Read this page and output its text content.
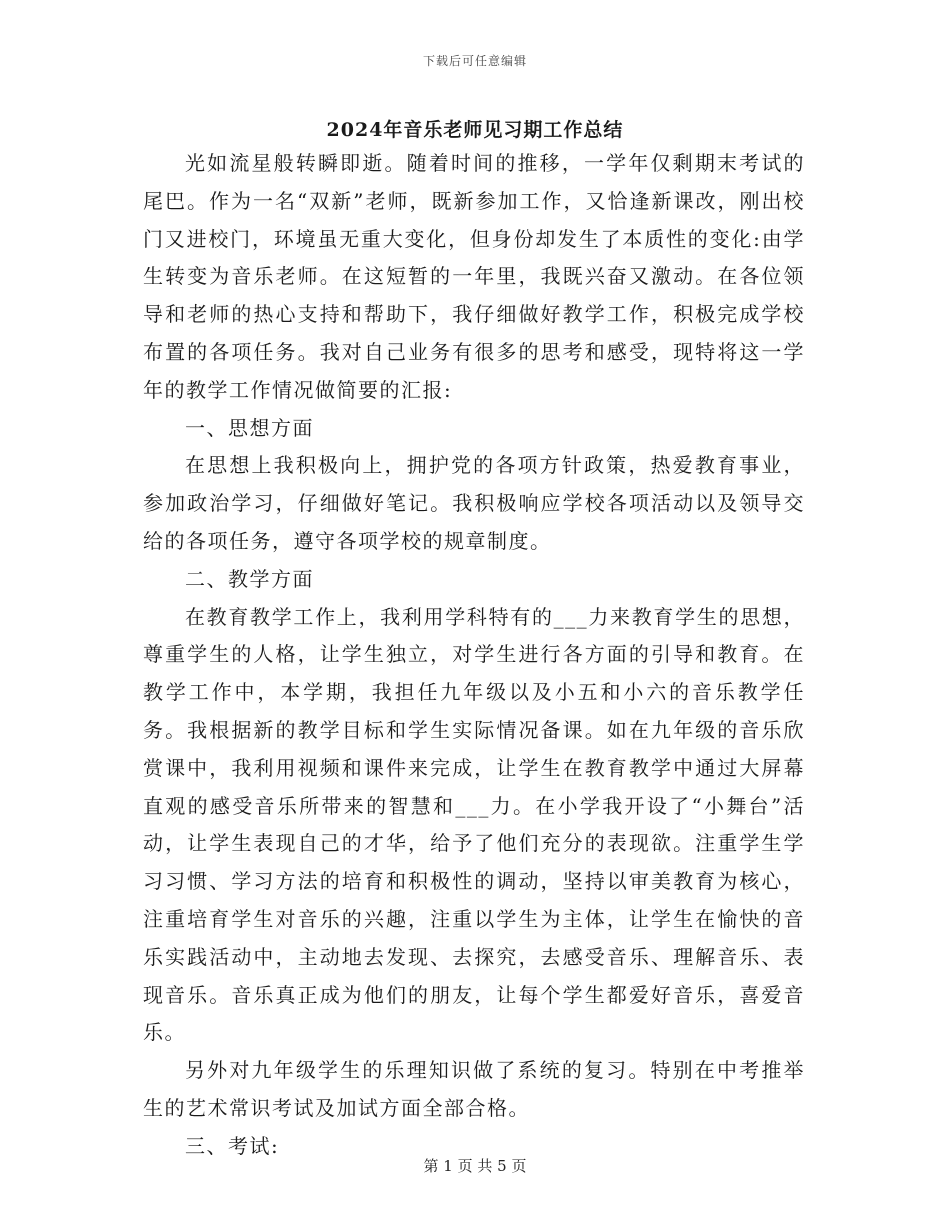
下载后可任意编辑
2024年音乐老师见习期工作总结

光如流星般转瞬即逝。随着时间的推移，一学年仅剩期末考试的尾巴。作为一名“双新”老师，既新参加工作，又恰逢新课改，刚出校门又进校门，环境虽无重大变化，但身份却发生了本质性的变化:由学生转变为音乐老师。在这短暂的一年里，我既兴奋又激动。在各位领导和老师的热心支持和帮助下，我仔细做好教学工作，积极完成学校布置的各项任务。我对自己业务有很多的思考和感受，现特将这一学年的教学工作情况做简要的汇报:

一、思想方面

在思想上我积极向上，拥护党的各项方针政策，热爱教育事业，参加政治学习，仔细做好笔记。我积极响应学校各项活动以及领导交给的各项任务，遵守各项学校的规章制度。

二、教学方面

在教育教学工作上，我利用学科特有的___力来教育学生的思想，尊重学生的人格，让学生独立，对学生进行各方面的引导和教育。在教学工作中，本学期，我担任九年级以及小五和小六的音乐教学任务。我根据新的教学目标和学生实际情况备课。如在九年级的音乐欣赏课中，我利用视频和课件来完成，让学生在教育教学中通过大屏幕直观的感受音乐所带来的智慧和___力。在小学我开设了“小舞台”活动，让学生表现自己的才华，给予了他们充分的表现欲。注重学生学习习惯、学习方法的培育和积极性的调动，坚持以审美教育为核心，注重培育学生对音乐的兴趣，注重以学生为主体，让学生在愉快的音乐实践活动中，主动地去发现、去探究，去感受音乐、理解音乐、表现音乐。音乐真正成为他们的朋友，让每个学生都爱好音乐，喜爱音乐。

另外对九年级学生的乐理知识做了系统的复习。特别在中考推举生的艺术常识考试及加试方面全部合格。

三、考试:

第 1 页 共 5 页
